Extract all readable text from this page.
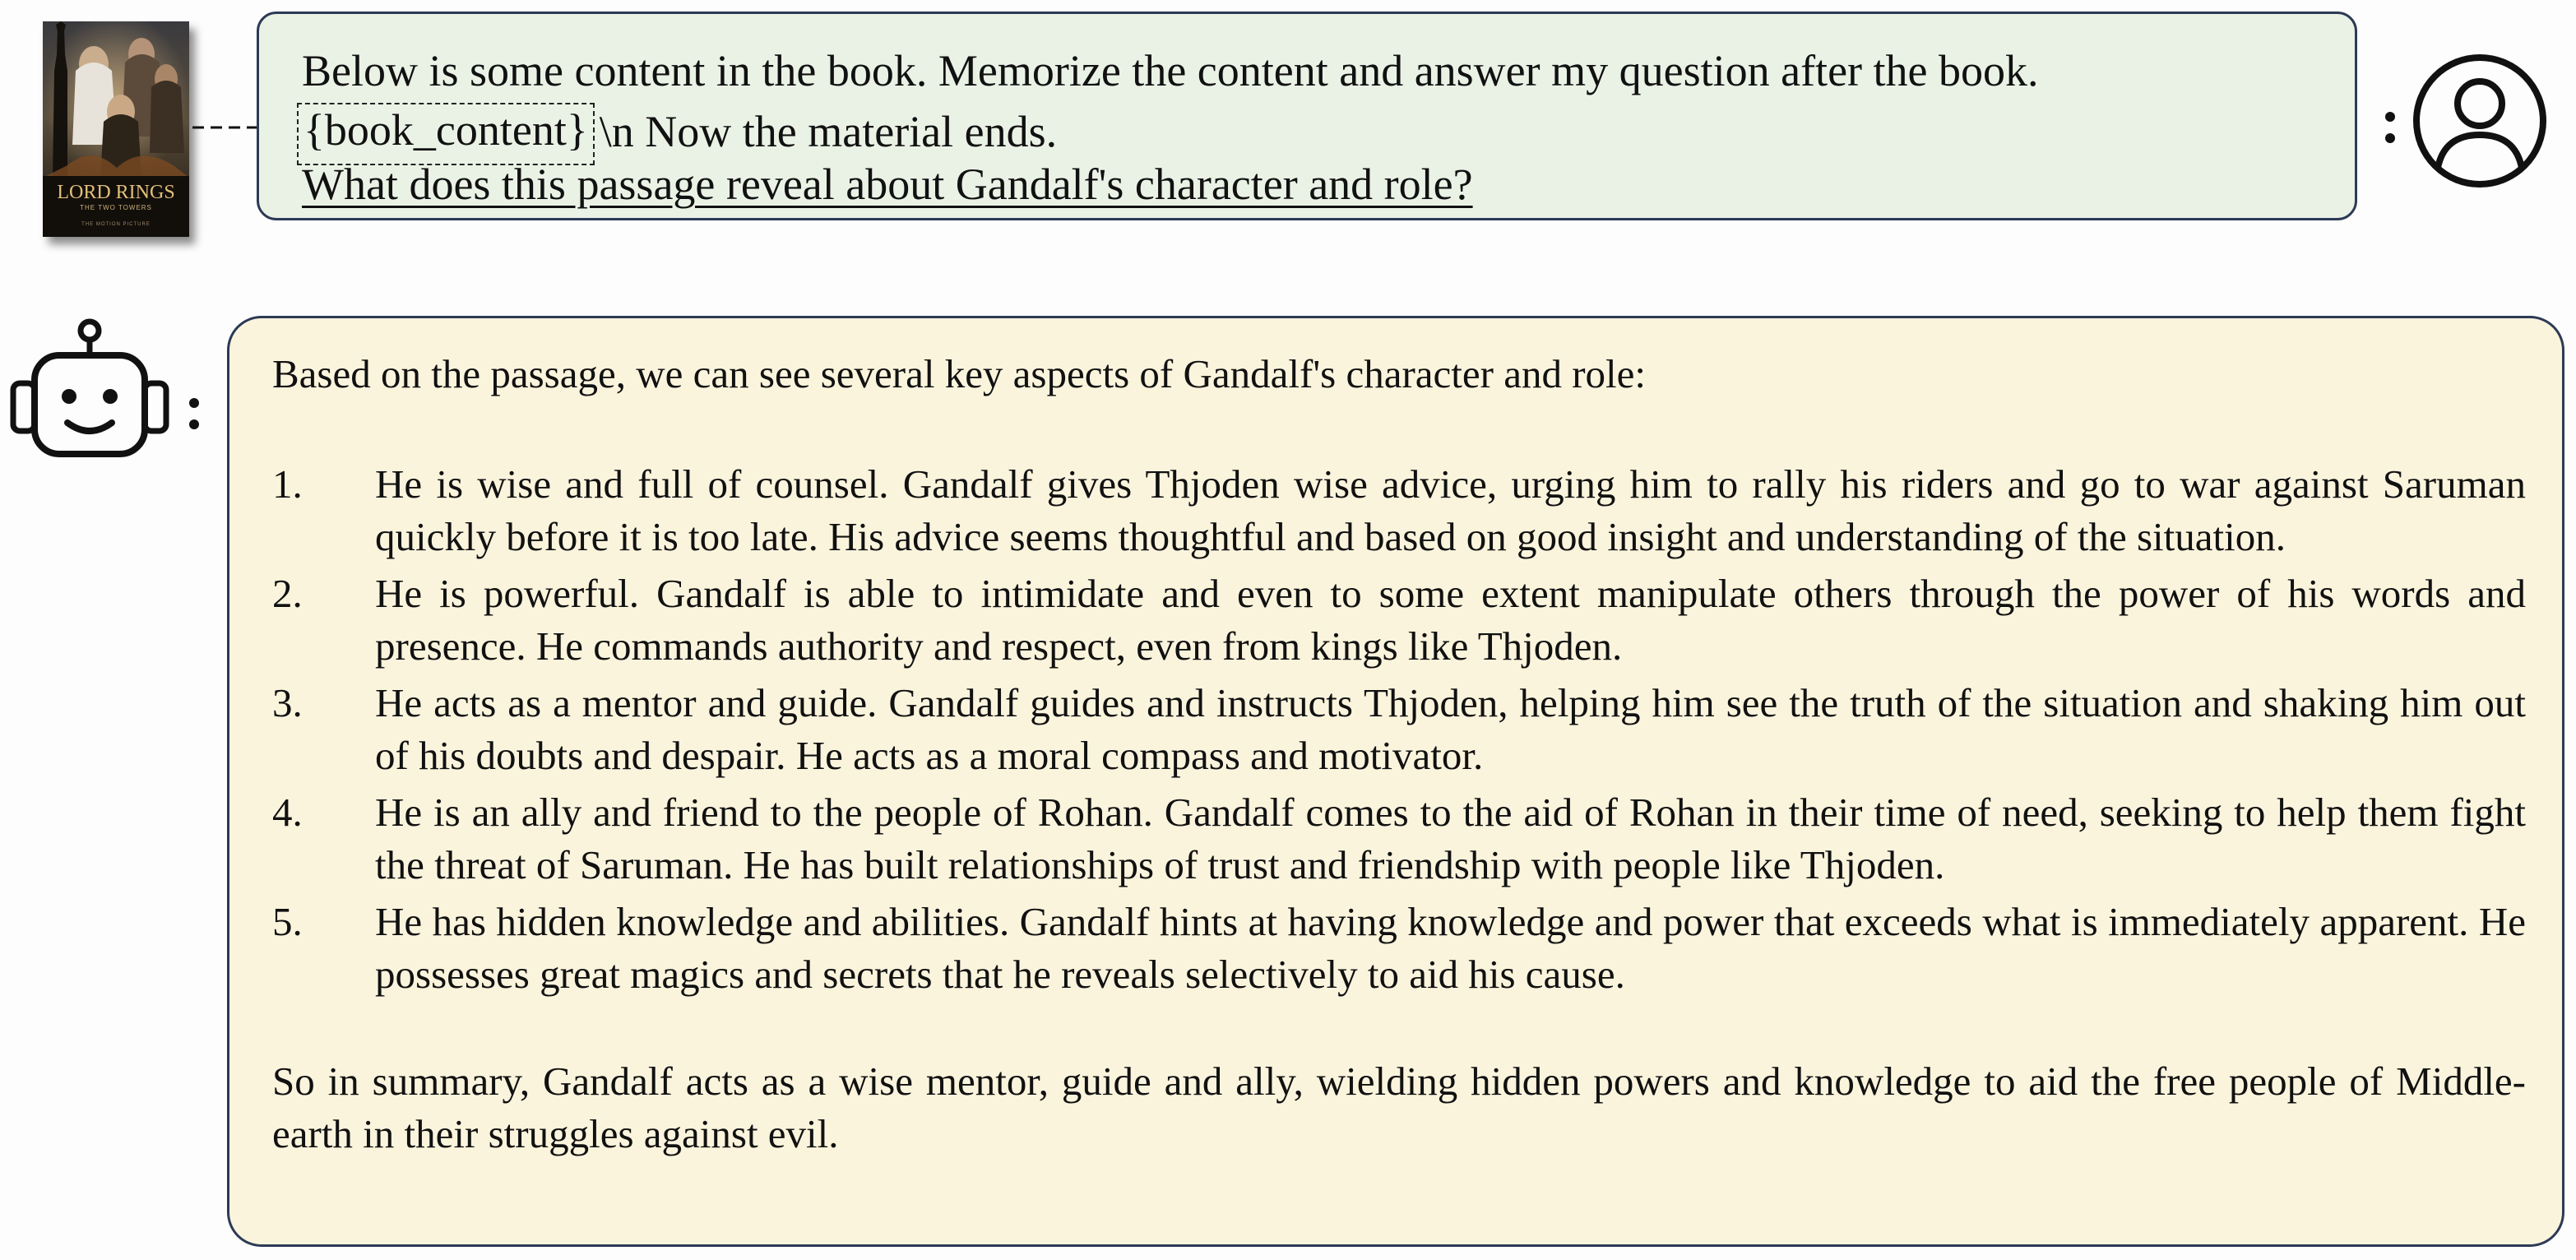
LORD RINGS
THE TWO TOWERS
THE MOTION PICTURE
Below is some content in the book. Memorize the content and answer my question after the book.
{book_content} \n Now the material ends.
What does this passage reveal about Gandalf's character and role?

Based on the passage, we can see several key aspects of Gandalf's character and role:

1.	He is wise and full of counsel. Gandalf gives Thjoden wise advice, urging him to rally his riders and go to war against Saruman quickly before it is too late. His advice seems thoughtful and based on good insight and understanding of the situation.
2.	He is powerful. Gandalf is able to intimidate and even to some extent manipulate others through the power of his words and presence. He commands authority and respect, even from kings like Thjoden.
3.	He acts as a mentor and guide. Gandalf guides and instructs Thjoden, helping him see the truth of the situation and shaking him out of his doubts and despair. He acts as a moral compass and motivator.
4.	He is an ally and friend to the people of Rohan. Gandalf comes to the aid of Rohan in their time of need, seeking to help them fight the threat of Saruman. He has built relationships of trust and friendship with people like Thjoden.
5.	He has hidden knowledge and abilities. Gandalf hints at having knowledge and power that exceeds what is immediately apparent. He possesses great magics and secrets that he reveals selectively to aid his cause.

So in summary, Gandalf acts as a wise mentor, guide and ally, wielding hidden powers and knowledge to aid the free people of Middle-earth in their struggles against evil.
